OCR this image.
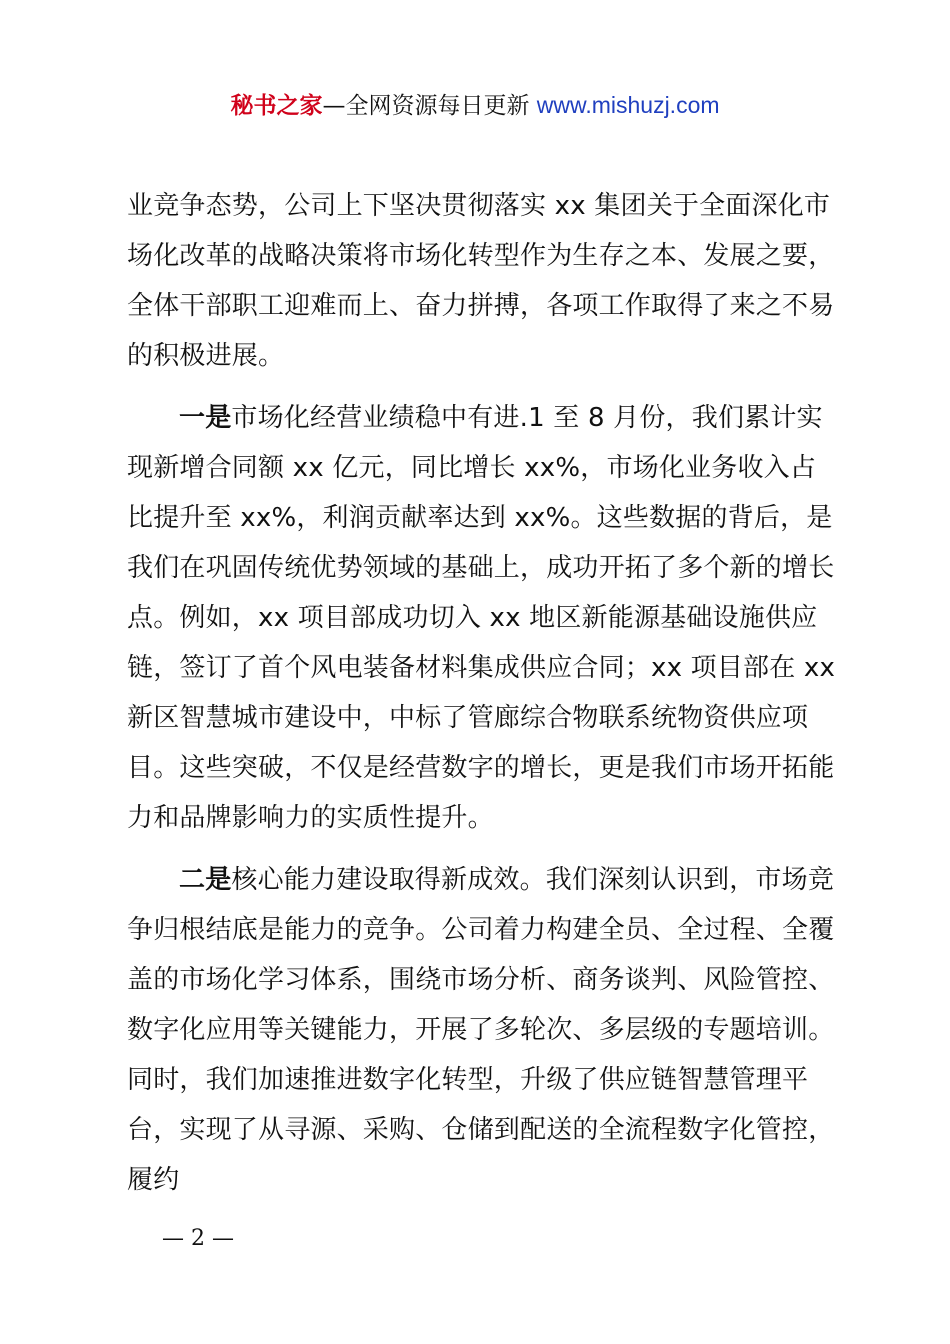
秘书之家—全网资源每日更新 www.mishuzj.com

业竞争态势，公司上下坚决贯彻落实 xx 集团关于全面深化市场化改革的战略决策将市场化转型作为生存之本、发展之要，全体干部职工迎难而上、奋力拼搏，各项工作取得了来之不易的积极进展。

一是市场化经营业绩稳中有进.1 至 8 月份，我们累计实现新增合同额 xx 亿元，同比增长 xx%，市场化业务收入占比提升至 xx%，利润贡献率达到 xx%。这些数据的背后，是我们在巩固传统优势领域的基础上，成功开拓了多个新的增长点。例如，xx 项目部成功切入 xx 地区新能源基础设施供应链，签订了首个风电装备材料集成供应合同；xx 项目部在 xx 新区智慧城市建设中，中标了管廊综合物联系统物资供应项目。这些突破，不仅是经营数字的增长，更是我们市场开拓能力和品牌影响力的实质性提升。

二是核心能力建设取得新成效。我们深刻认识到，市场竞争归根结底是能力的竞争。公司着力构建全员、全过程、全覆盖的市场化学习体系，围绕市场分析、商务谈判、风险管控、数字化应用等关键能力，开展了多轮次、多层级的专题培训。同时，我们加速推进数字化转型，升级了供应链智慧管理平台，实现了从寻源、采购、仓储到配送的全流程数字化管控，履约

— 2 —
